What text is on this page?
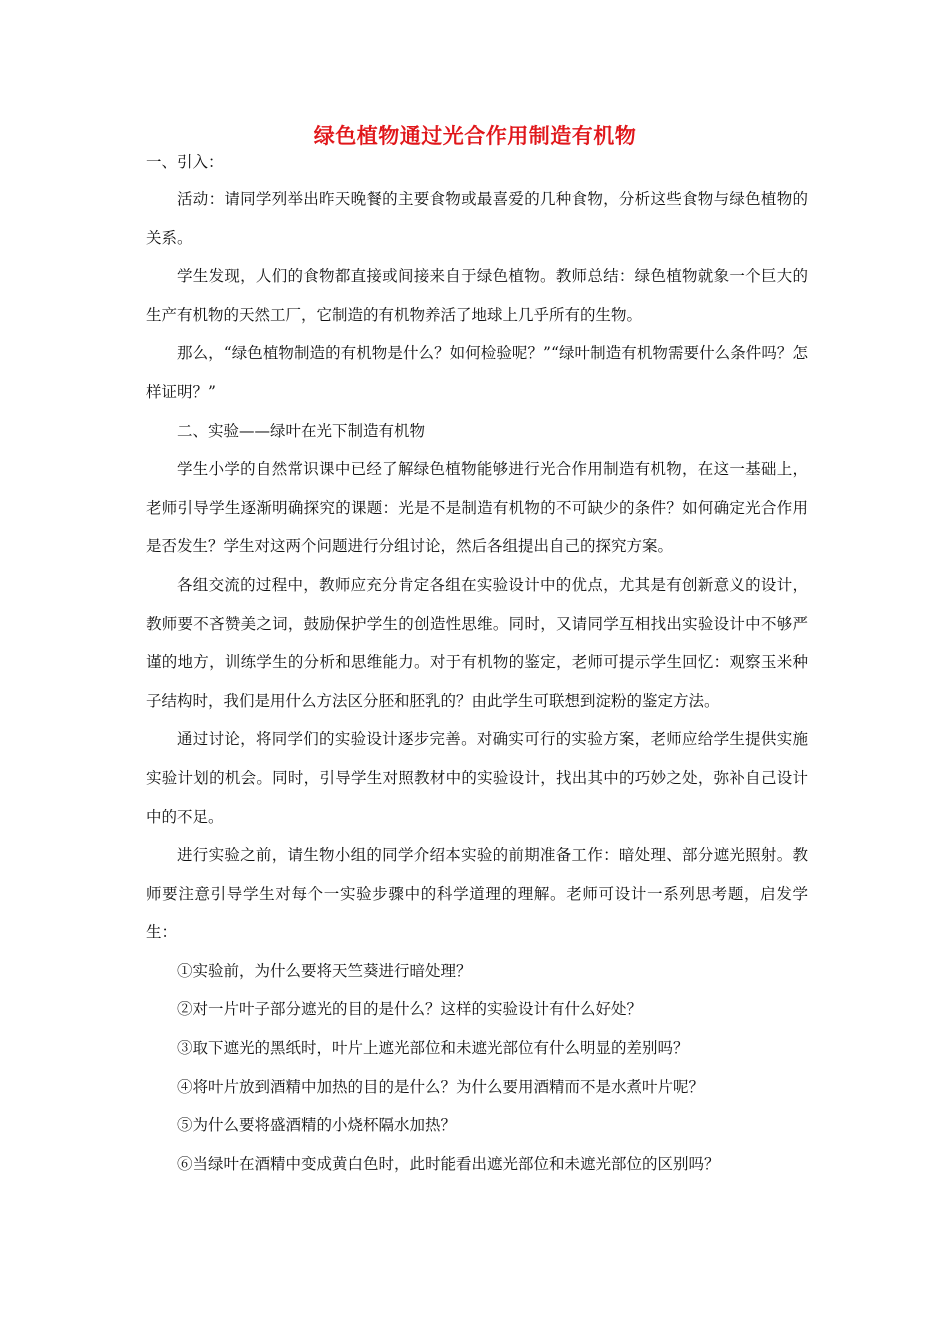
绿色植物通过光合作用制造有机物
一、引入：

活动：请同学列举出昨天晚餐的主要食物或最喜爱的几种食物，分析这些食物与绿色植物的关系。

学生发现，人们的食物都直接或间接来自于绿色植物。教师总结：绿色植物就象一个巨大的生产有机物的天然工厂，它制造的有机物养活了地球上几乎所有的生物。

那么，“绿色植物制造的有机物是什么？如何检验呢？”“绿叶制造有机物需要什么条件吗？怎样证明？”

二、实验——绿叶在光下制造有机物

学生小学的自然常识课中已经了解绿色植物能够进行光合作用制造有机物，在这一基础上，老师引导学生逐渐明确探究的课题：光是不是制造有机物的不可缺少的条件？如何确定光合作用是否发生？学生对这两个问题进行分组讨论，然后各组提出自己的探究方案。

各组交流的过程中，教师应充分肯定各组在实验设计中的优点，尤其是有创新意义的设计，教师要不吝赞美之词，鼓励保护学生的创造性思维。同时，又请同学互相找出实验设计中不够严谨的地方，训练学生的分析和思维能力。对于有机物的鉴定，老师可提示学生回忆：观察玉米种子结构时，我们是用什么方法区分胚和胚乳的？由此学生可联想到淀粉的鉴定方法。

通过讨论，将同学们的实验设计逐步完善。对确实可行的实验方案，老师应给学生提供实施实验计划的机会。同时，引导学生对照教材中的实验设计，找出其中的巧妙之处，弥补自己设计中的不足。

进行实验之前，请生物小组的同学介绍本实验的前期准备工作：暗处理、部分遮光照射。教师要注意引导学生对每个一实验步骤中的科学道理的理解。老师可设计一系列思考题，启发学生：

①实验前，为什么要将天竺葵进行暗处理？

②对一片叶子部分遮光的目的是什么？这样的实验设计有什么好处？

③取下遮光的黑纸时，叶片上遮光部位和未遮光部位有什么明显的差别吗？

④将叶片放到酒精中加热的目的是什么？为什么要用酒精而不是水煮叶片呢？

⑤为什么要将盛酒精的小烧杯隔水加热？

⑥当绿叶在酒精中变成黄白色时，此时能看出遮光部位和未遮光部位的区别吗？
